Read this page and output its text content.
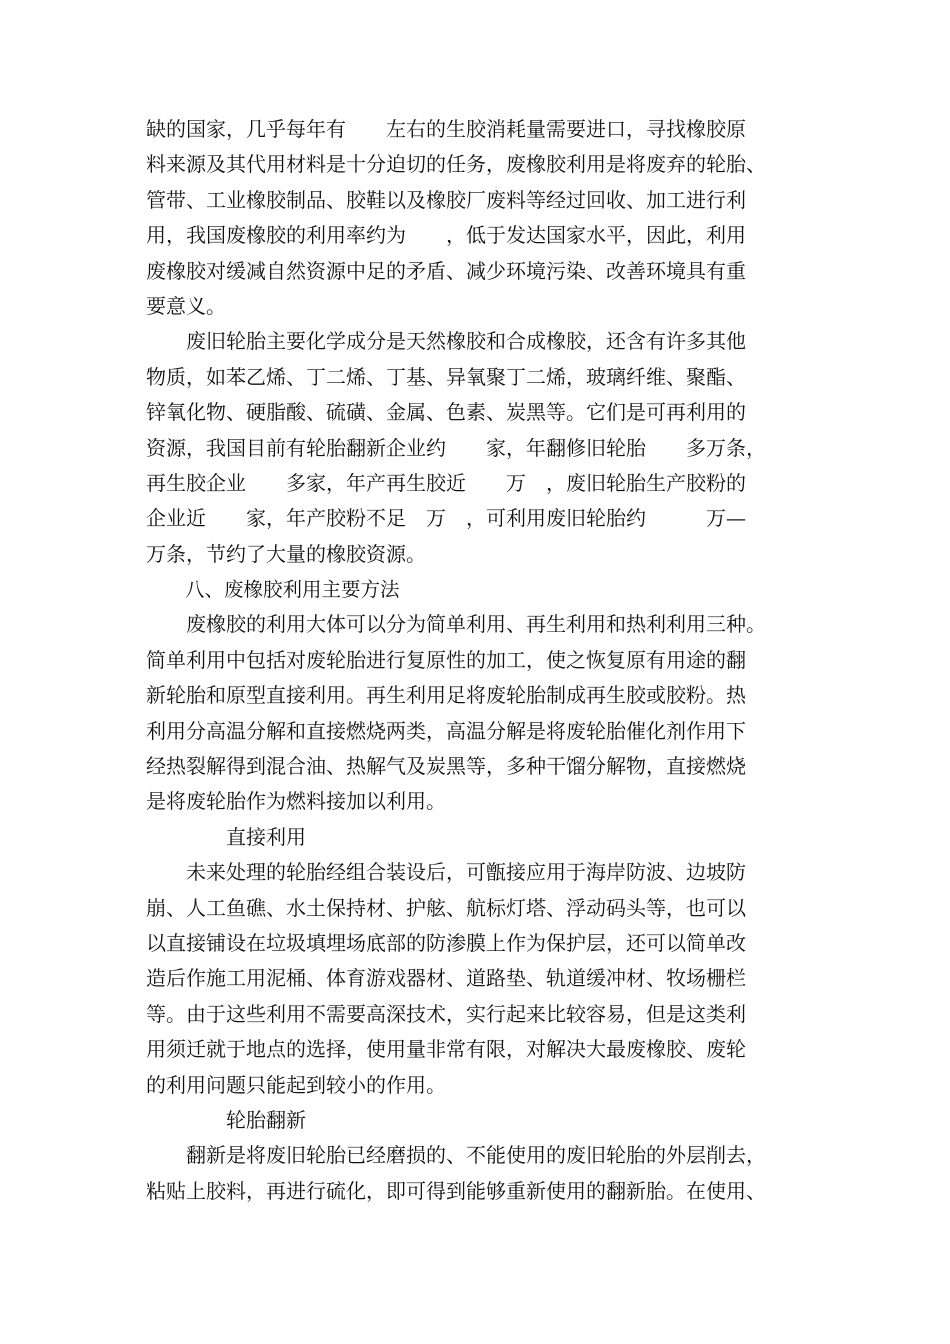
缺的国家，几乎每年有　　左右的生胶消耗量需要进口，寻找橡胶原
料来源及其代用材料是十分迫切的任务，废橡胶利用是将废弃的轮胎、
管带、工业橡胶制品、胶鞋以及橡胶厂废料等经过回收、加工进行利
用，我国废橡胶的利用率约为　　，低于发达国家水平，因此，利用
废橡胶对缓减自然资源中足的矛盾、减少环境污染、改善环境具有重
要意义。
　　废旧轮胎主要化学成分是天然橡胶和合成橡胶，还含有许多其他
物质，如苯乙烯、丁二烯、丁基、异氧聚丁二烯，玻璃纤维、聚酯、
锌氧化物、硬脂酸、硫磺、金属、色素、炭黑等。它们是可再利用的
资源，我国目前有轮胎翻新企业约　　家，年翻修旧轮胎　　多万条，
再生胶企业　　多家，年产再生胶近　　万　，废旧轮胎生产胶粉的
企业近　　家，年产胶粉不足　万　，可利用废旧轮胎约　　　万—
万条，节约了大量的橡胶资源。
　　八、废橡胶利用主要方法
　　废橡胶的利用大体可以分为简单利用、再生利用和热利利用三种。
简单利用中包括对废轮胎进行复原性的加工，使之恢复原有用途的翻
新轮胎和原型直接利用。再生利用足将废轮胎制成再生胶或胶粉。热
利用分高温分解和直接燃烧两类，高温分解是将废轮胎催化剂作用下
经热裂解得到混合油、热解气及炭黑等，多种干馏分解物，直接燃烧
是将废轮胎作为燃料接加以利用。
　　　　直接利用
　　未来处理的轮胎经组合装设后，可甑接应用于海岸防波、边坡防
崩、人工鱼礁、水土保持材、护舷、航标灯塔、浮动码头等，也可以
以直接铺设在垃圾填埋场底部的防渗膜上作为保护层，还可以简单改
造后作施工用泥桶、体育游戏器材、道路垫、轨道缓冲材、牧场栅栏
等。由于这些利用不需要高深技术，实行起来比较容易，但是这类利
用须迁就于地点的选择，使用量非常有限，对解决大最废橡胶、废轮
的利用问题只能起到较小的作用。
　　　　轮胎翻新
　　翻新是将废旧轮胎已经磨损的、不能使用的废旧轮胎的外层削去，
粘贴上胶料，再进行硫化，即可得到能够重新使用的翻新胎。在使用、
